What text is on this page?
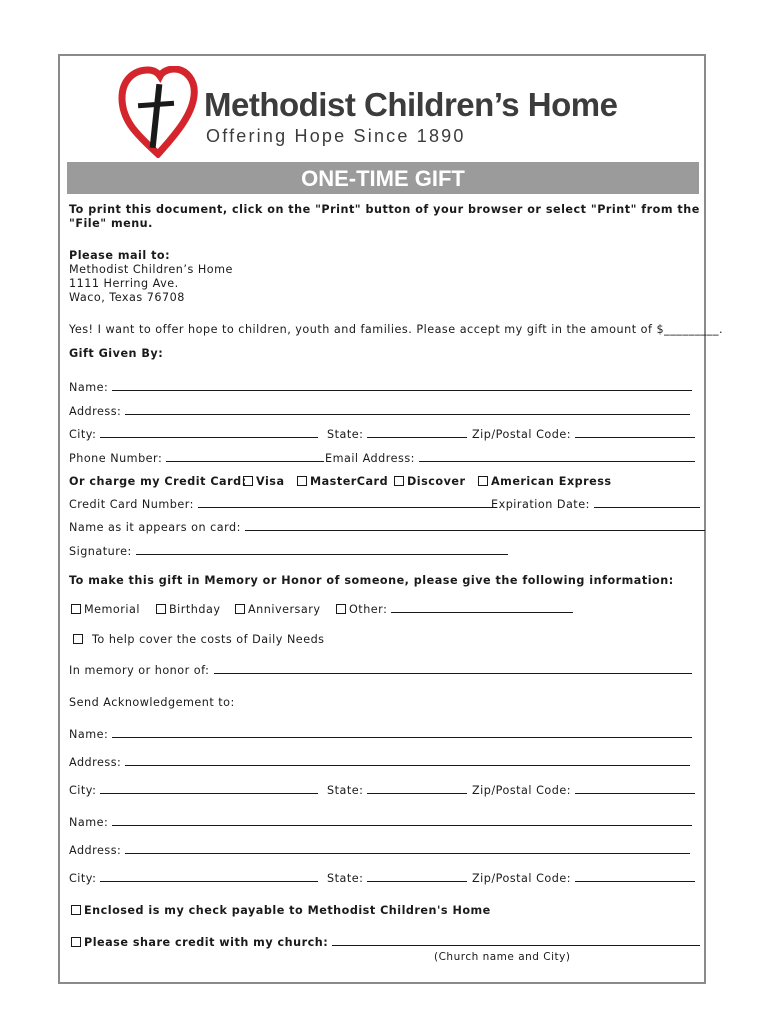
Methodist Children’s Home
Offering Hope Since 1890
ONE-TIME GIFT
To print this document, click on the "Print" button of your browser or select "Print" from the
"File" menu.
Please mail to:
Methodist Children’s Home
1111 Herring Ave.
Waco, Texas 76708
Yes! I want to offer hope to children, youth and families. Please accept my gift in the amount of $_________.
Gift Given By:
Name:
Address:
City:	State:	Zip/Postal Code:
Phone Number:	Email Address:
Or charge my Credit Card: Visa	MasterCard	Discover	American Express
Credit Card Number:	Expiration Date:
Name as it appears on card:
Signature:
To make this gift in Memory or Honor of someone, please give the following information:
Memorial	Birthday	Anniversary	Other:
To help cover the costs of Daily Needs
In memory or honor of:
Send Acknowledgement to:
Name:
Address:
City:	State:	Zip/Postal Code:
Name:
Address:
City:	State:	Zip/Postal Code:
Enclosed is my check payable to Methodist Children's Home
Please share credit with my church:
(Church name and City)
